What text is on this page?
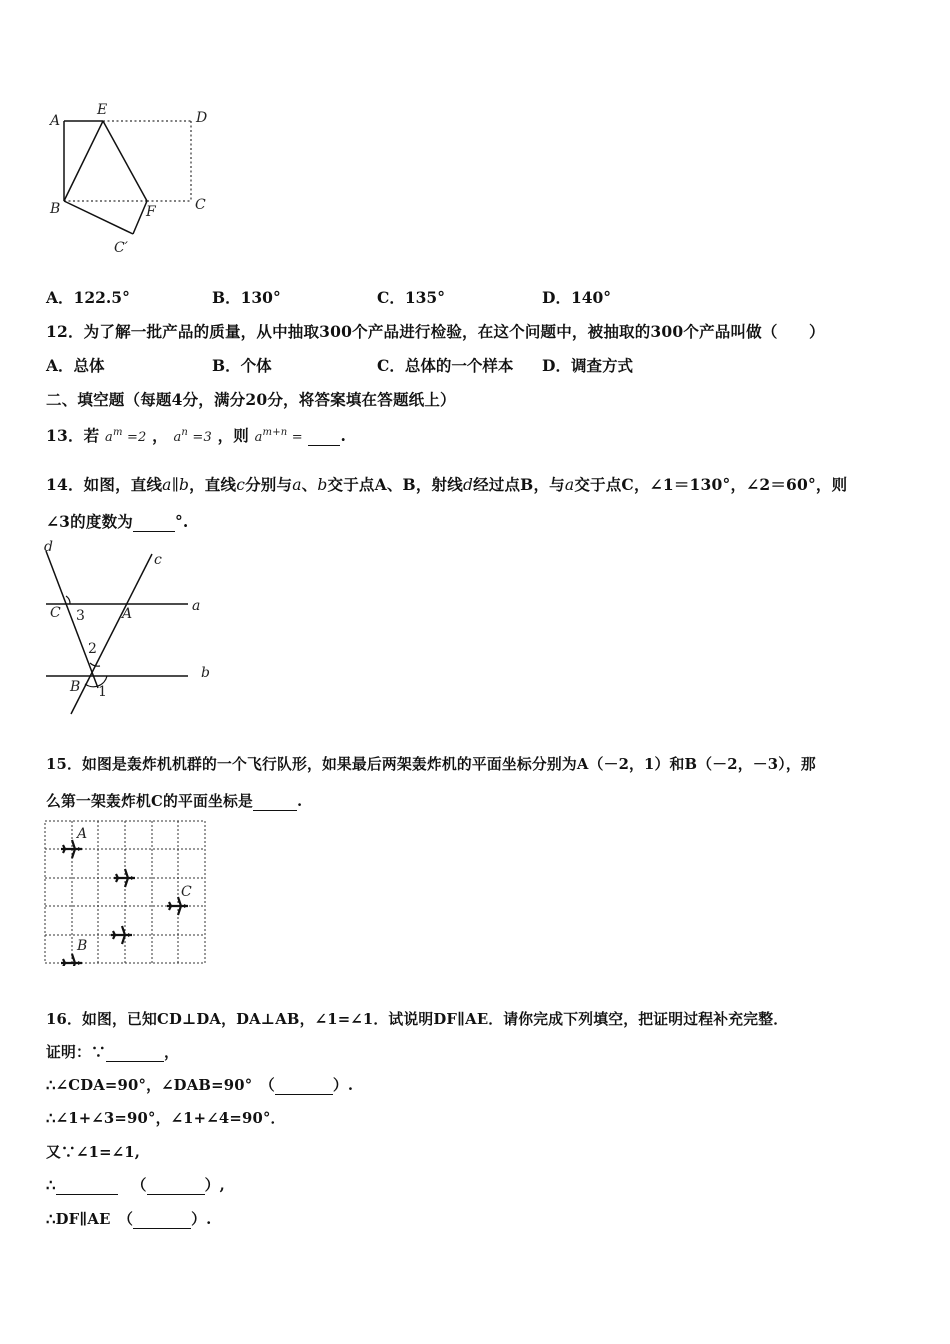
A
E	D
B	F	C
C′
A．122.5°	B．130°	C．135°	D．140°
12．为了解一批产品的质量，从中抽取300个产品进行检验，在这个问题中，被抽取的300个产品叫做（　　）
A．总体	B．个体	C．总体的一个样本 D．调查方式
二、填空题（每题4分，满分20分，将答案填在答题纸上）
13．若 $a^m =2$ ， $a^n =3$ ，则 $a^{m+n}$ = .
14．如图，直线a∥b，直线c分别与a、b交于点A、B，射线d经过点B，与a交于点C，∠1＝130°，∠2＝60°，则
∠3的度数为	°.
d
c
a
b
C 3	A
2
B 1
15．如图是轰炸机机群的一个飞行队形，如果最后两架轰炸机的平面坐标分别为A（－2，1）和B（－2，－3），那
么第一架轰炸机C的平面坐标是	.
A
C
B
16．如图，已知CD⊥DA，DA⊥AB，∠1=∠1．试说明DF∥AE．请你完成下列填空，把证明过程补充完整．
证明：∵	，
∴∠CDA=90°，∠DAB=90°　（	）.
∴∠1+∠3=90°，∠1+∠4=90°．
又∵∠1=∠1,
∴	（	）,
∴DF∥AE　（	）.
